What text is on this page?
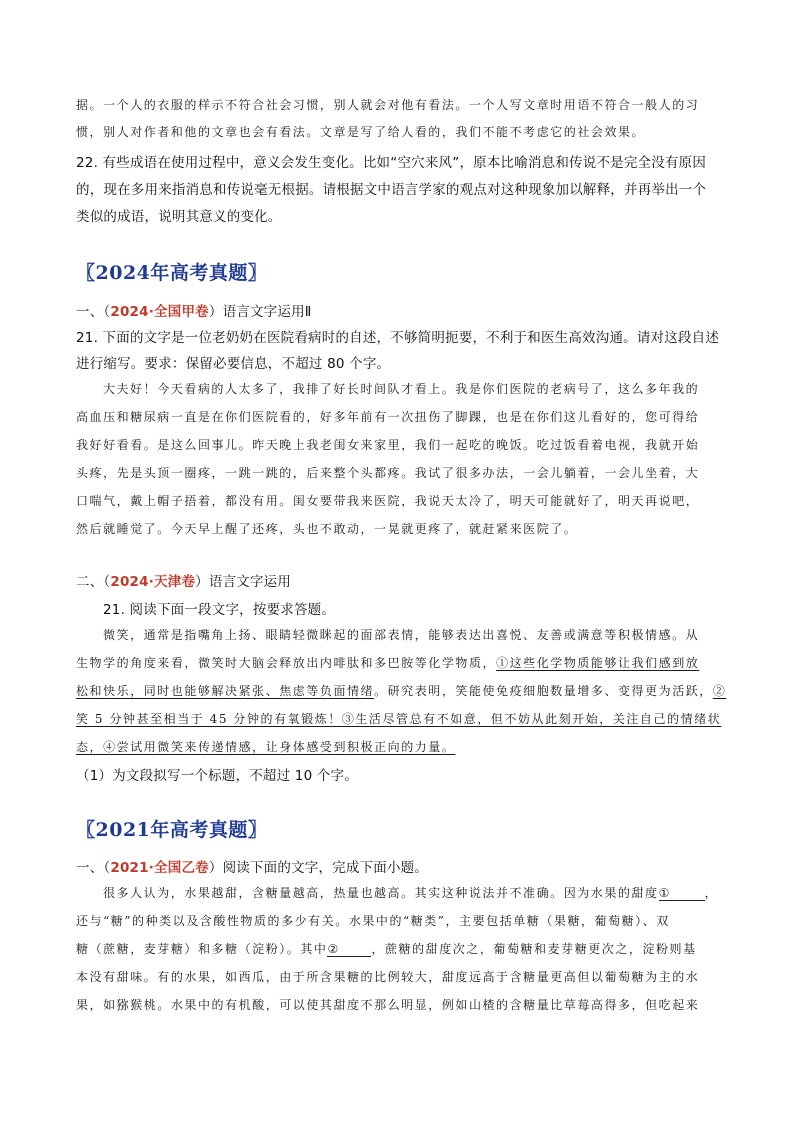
据。一个人的衣服的样示不符合社会习惯，别人就会对他有看法。一个人写文章时用语不符合一般人的习
惯，别人对作者和他的文章也会有看法。文章是写了给人看的，我们不能不考虑它的社会效果。
22. 有些成语在使用过程中，意义会发生变化。比如“空穴来风”，原本比喻消息和传说不是完全没有原因
的，现在多用来指消息和传说毫无根据。请根据文中语言学家的观点对这种现象加以解释，并再举出一个
类似的成语，说明其意义的变化。
〖2024年高考真题〗
一、（2024·全国甲卷）语言文字运用Ⅱ
21. 下面的文字是一位老奶奶在医院看病时的自述，不够简明扼要，不利于和医生高效沟通。请对这段自述
进行缩写。要求：保留必要信息，不超过 80 个字。
大夫好！今天看病的人太多了，我排了好长时间队才看上。我是你们医院的老病号了，这么多年我的
高血压和糖尿病一直是在你们医院看的，好多年前有一次扭伤了脚踝，也是在你们这儿看好的，您可得给
我好好看看。是这么回事儿。昨天晚上我老闺女来家里，我们一起吃的晚饭。吃过饭看着电视，我就开始
头疼，先是头顶一圈疼，一跳一跳的，后来整个头都疼。我试了很多办法，一会儿躺着，一会儿坐着，大
口喘气，戴上帽子捂着，都没有用。闺女要带我来医院，我说天太冷了，明天可能就好了，明天再说吧，
然后就睡觉了。今天早上醒了还疼，头也不敢动，一晃就更疼了，就赶紧来医院了。
二、（2024·天津卷）语言文字运用
21. 阅读下面一段文字，按要求答题。
微笑，通常是指嘴角上扬、眼睛轻微眯起的面部表情，能够表达出喜悦、友善或满意等积极情感。从
生物学的角度来看，微笑时大脑会释放出内啡肽和多巴胺等化学物质，①这些化学物质能够让我们感到放
松和快乐，同时也能够解决紧张、焦虑等负面情绪。研究表明，笑能使免疫细胞数量增多、变得更为活跃，②
笑 5 分钟甚至相当于 45 分钟的有氧锻炼！③生活尽管总有不如意，但不妨从此刻开始，关注自己的情绪状
态，④尝试用微笑来传递情感，让身体感受到积极正向的力量。
（1）为文段拟写一个标题，不超过 10 个字。
〖2021年高考真题〗
一、（2021·全国乙卷）阅读下面的文字，完成下面小题。
很多人认为，水果越甜，含糖量越高，热量也越高。其实这种说法并不准确。因为水果的甜度①	，
还与“糖”的种类以及含酸性物质的多少有关。水果中的“糖类”，主要包括单糖（果糖，葡萄糖）、双
糖（蔗糖，麦芽糖）和多糖（淀粉）。其中②	，蔗糖的甜度次之，葡萄糖和麦芽糖更次之，淀粉则基
本没有甜味。有的水果，如西瓜，由于所含果糖的比例较大，甜度远高于含糖量更高但以葡萄糖为主的水
果，如猕猴桃。水果中的有机酸，可以使其甜度不那么明显，例如山楂的含糖量比草莓高得多，但吃起来
